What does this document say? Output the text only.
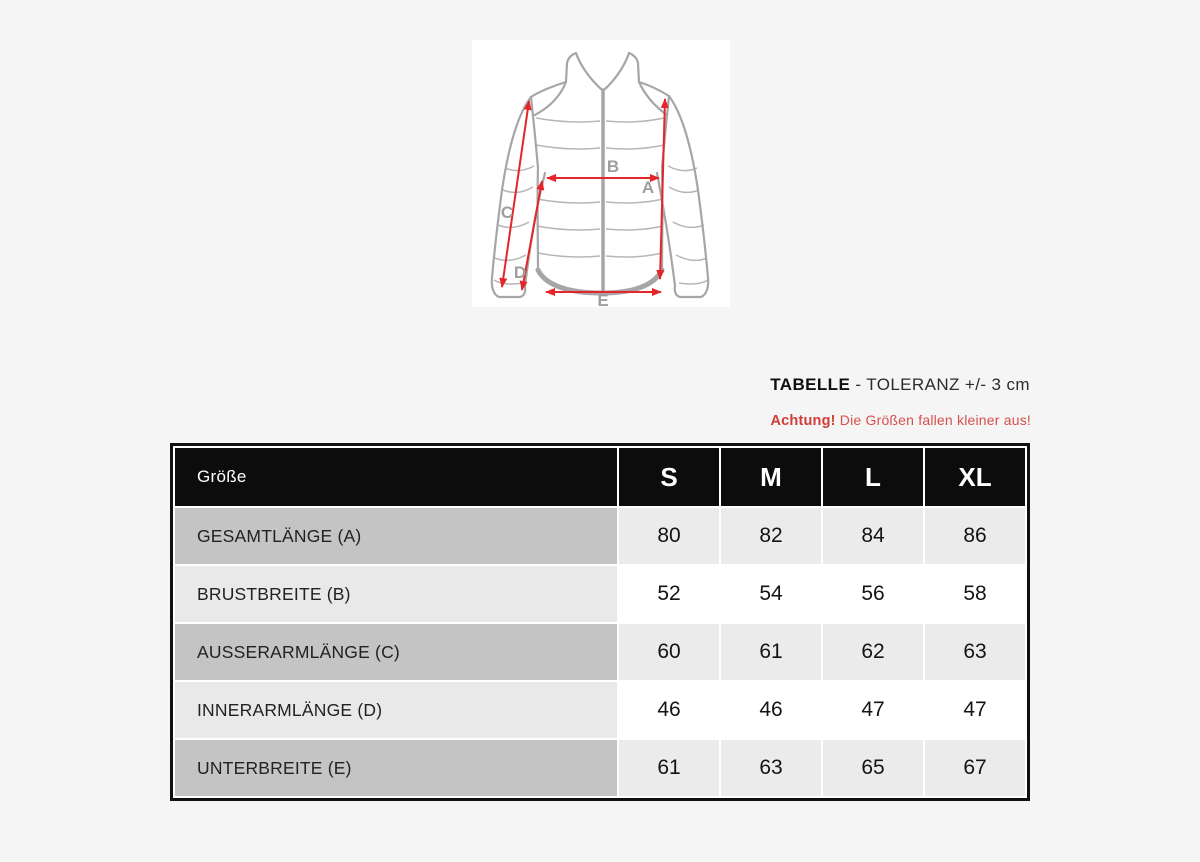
A
B
C
D
E
TABELLE - TOLERANZ +/- 3 cm
Achtung! Die Größen fallen kleiner aus!
Größe	S	M	L	XL
GESAMTLÄNGE (A)	80	82	84	86
BRUSTBREITE (B)	52	54	56	58
AUSSERARMLÄNGE (C)	60	61	62	63
INNERARMLÄNGE (D)	46	46	47	47
UNTERBREITE (E)	61	63	65	67
